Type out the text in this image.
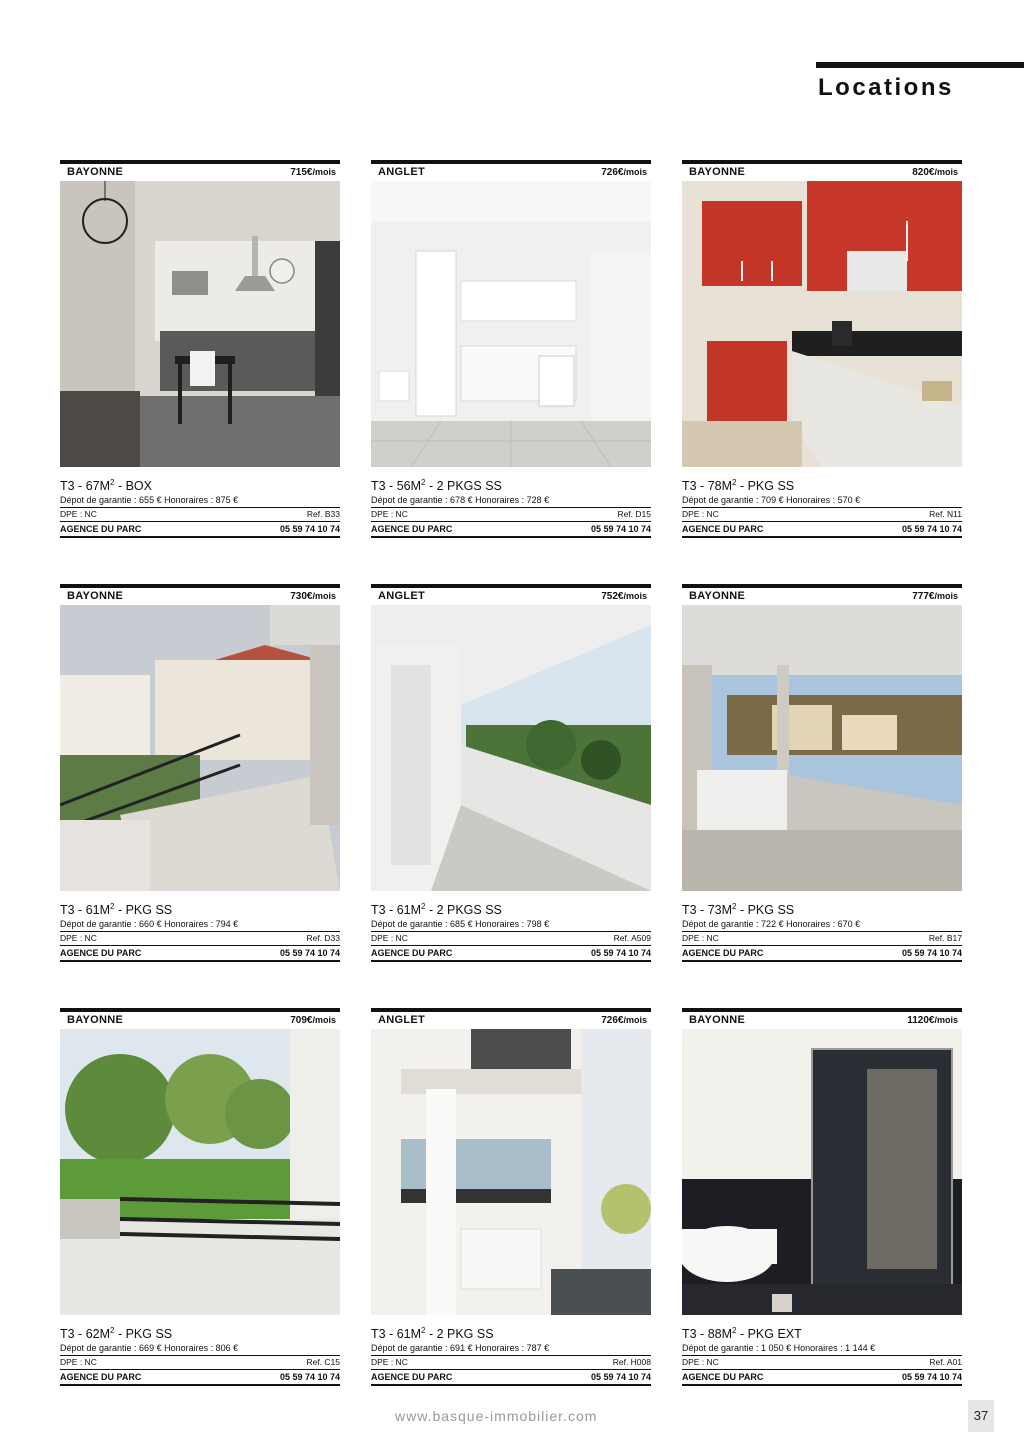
Locations
BAYONNE	715€/mois
$T3 - 67M^2$ - BOX
Dépot de garantie : 655 € Honoraires : 875 €
DPE : NC	Ref. B33
AGENCE DU PARC	05 59 74 10 74
ANGLET	726€/mois
$T3 - 56M^2 - 2$ PKGS SS
Dépot de garantie : 678 € Honoraires : 728 €
DPE : NC	Ref. D15
AGENCE DU PARC	05 59 74 10 74
BAYONNE	820€/mois
$T3 - 78M^2$ - PKG SS
Dépot de garantie : 709 € Honoraires : 570 €
DPE : NC	Ref. N11
AGENCE DU PARC	05 59 74 10 74
BAYONNE	730€/mois
$T3 - 61M^2$ - PKG SS
Dépot de garantie : 660 € Honoraires : 794 €
DPE : NC	Ref. D33
AGENCE DU PARC	05 59 74 10 74
ANGLET	752€/mois
$T3 - 61M^2 - 2$ PKGS SS
Dépot de garantie : 685 € Honoraires : 798 €
DPE : NC	Ref. A509
AGENCE DU PARC	05 59 74 10 74
BAYONNE	777€/mois
$T3 - 73M^2$ - PKG SS
Dépot de garantie : 722 € Honoraires : 670 €
DPE : NC	Ref. B17
AGENCE DU PARC	05 59 74 10 74
BAYONNE	709€/mois
$T3 - 62M^2$ - PKG SS
Dépot de garantie : 669 € Honoraires : 806 €
DPE : NC	Ref. C15
AGENCE DU PARC	05 59 74 10 74
ANGLET	726€/mois
$T3 - 61M^2 - 2$ PKG SS
Dépot de garantie : 691 € Honoraires : 787 €
DPE : NC	Ref. H008
AGENCE DU PARC	05 59 74 10 74
BAYONNE	1120€/mois
$T3 - 88M^2$ - PKG EXT
Dépot de garantie : 1 050 € Honoraires : 1 144 €
DPE : NC	Ref. A01
AGENCE DU PARC	05 59 74 10 74
www.basque-immobilier.com	37
